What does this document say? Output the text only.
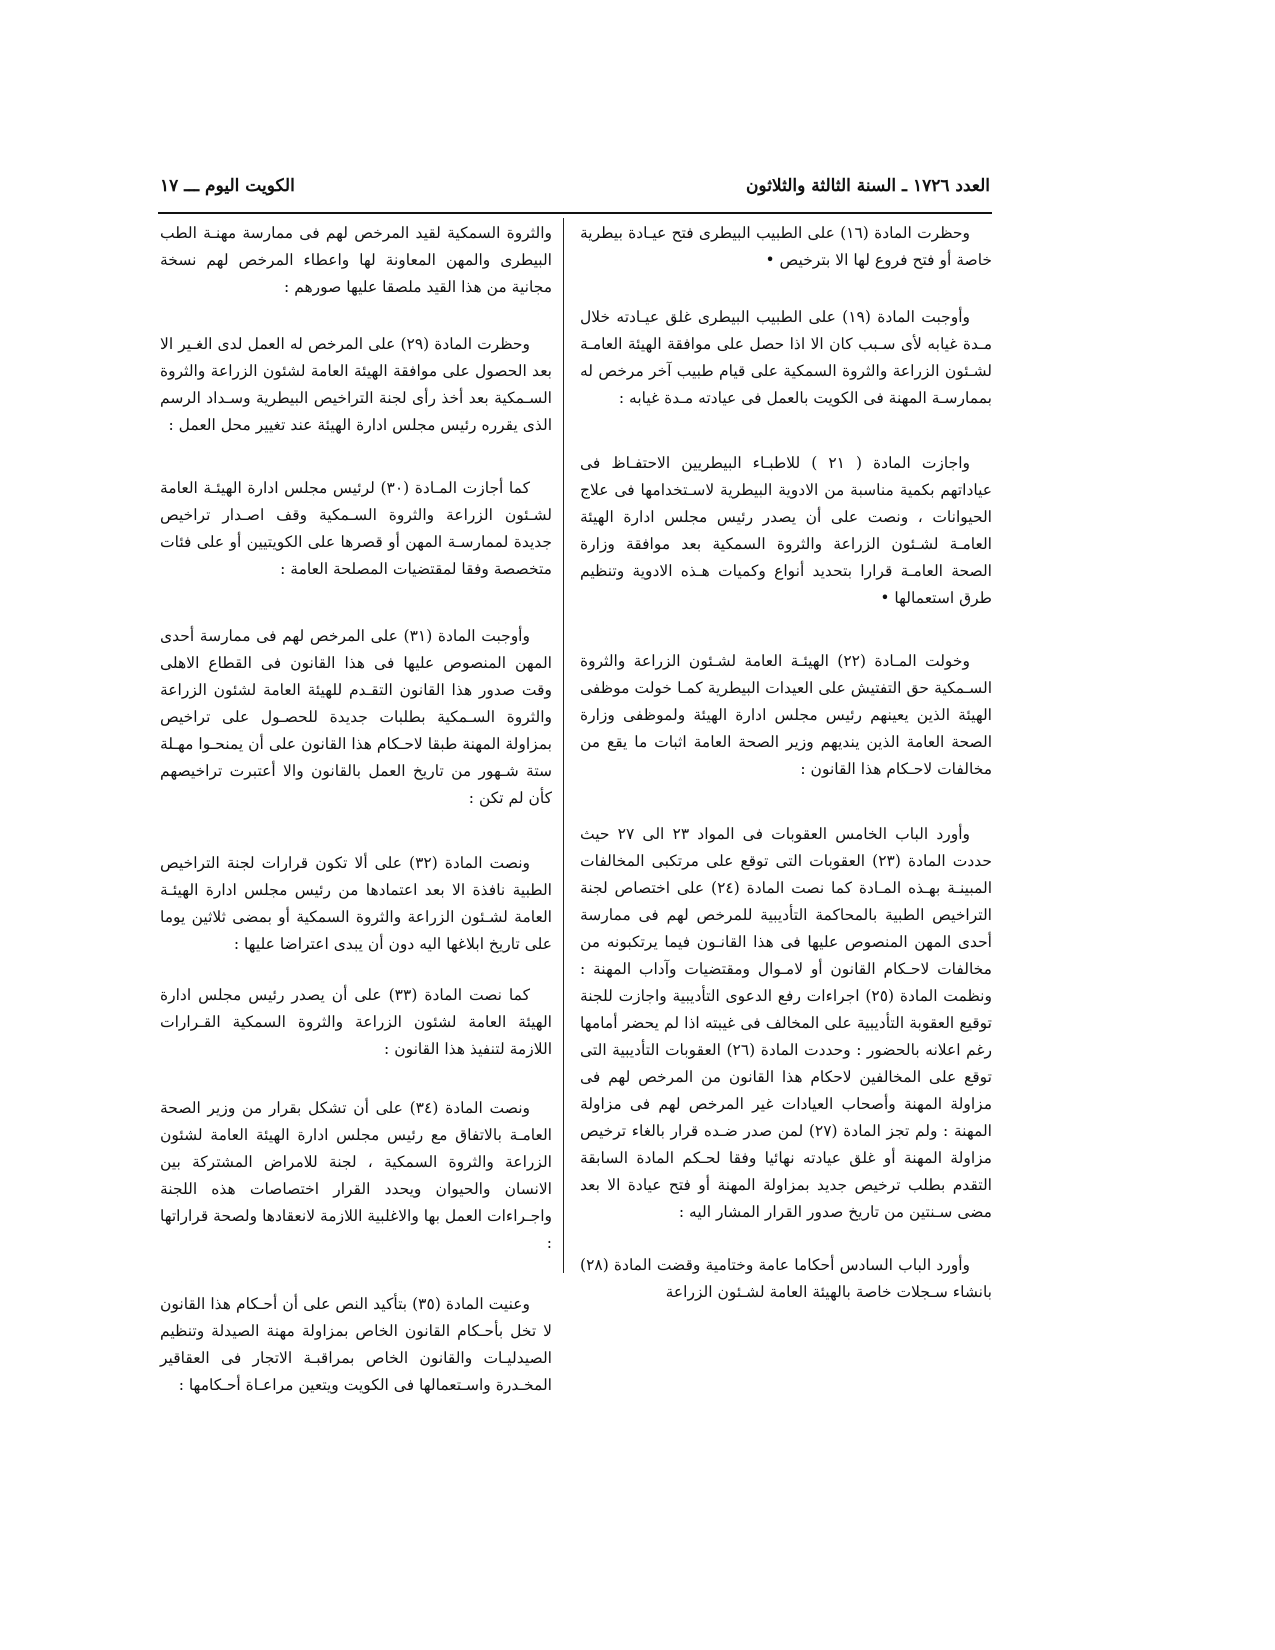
العدد ١٧٢٦ ـ السنة الثالثة والثلاثون
الكويت اليوم ـــ ١٧

وحظرت المادة (١٦) على الطبيب البيطرى فتح عيـادة بيطرية خاصة أو فتح فروع لها الا بترخيص •

وأوجبت المادة (١٩) على الطبيب البيطرى غلق عيـادته خلال مـدة غيابه لأى سـبب كان الا اذا حصل على موافقة الهيئة العامـة لشـئون الزراعة والثروة السمكية على قيام طبيب آخر مرخص له بممارسـة المهنة فى الكويت بالعمل فى عيادته مـدة غيابه :

واجازت المادة ( ٢١ ) للاطبـاء البيطريين الاحتفـاظ فى عياداتهم بكمية مناسبة من الادوية البيطرية لاسـتخدامها فى علاج الحيوانات ، ونصت على أن يصدر رئيس مجلس ادارة الهيئة العامـة لشـئون الزراعة والثروة السمكية بعد موافقة وزارة الصحة العامـة قرارا بتحديد أنواع وكميات هـذه الادوية وتنظيم طرق استعمالها •

وخولت المـادة (٢٢) الهيئـة العامة لشـئون الزراعة والثروة السـمكية حق التفتيش على العيدات البيطرية كمـا خولت موظفى الهيئة الذين يعينهم رئيس مجلس ادارة الهيئة ولموظفى وزارة الصحة العامة الذين ينديهم وزير الصحة العامة اثبات ما يقع من مخالفات لاحـكام هذا القانون :

وأورد الباب الخامس العقوبات فى المواد ٢٣ الى ٢٧ حيث حددت المادة (٢٣) العقوبات التى توقع على مرتكبى المخالفات المبينـة بهـذه المـادة كما نصت المادة (٢٤) على اختصاص لجنة التراخيص الطبية بالمحاكمة التأديبية للمرخص لهم فى ممارسة أحدى المهن المنصوص عليها فى هذا القانـون فيما يرتكبونه من مخالفات لاحـكام القانون أو لامـوال ومقتضيات وآداب المهنة : ونظمت المادة (٢٥) اجراءات رفع الدعوى التأديبية واجازت للجنة توقيع العقوبة التأديبية على المخالف فى غيبته اذا لم يحضر أمامها رغم اعلانه بالحضور : وحددت المادة (٢٦) العقوبات التأديبية التى توقع على المخالفين لاحكام هذا القانون من المرخص لهم فى مزاولة المهنة وأصحاب العيادات غير المرخص لهم فى مزاولة المهنة : ولم تجز المادة (٢٧) لمن صدر ضـده قرار بالغاء ترخيص مزاولة المهنة أو غلق عيادته نهائيا وفقا لحـكم المادة السابقة التقدم بطلب ترخيص جديد بمزاولة المهنة أو فتح عيادة الا بعد مضى سـنتين من تاريخ صدور القرار المشار اليه :

وأورد الباب السادس أحكاما عامة وختامية وقضت المادة (٢٨) بانشاء سـجلات خاصة بالهيئة العامة لشـئون الزراعة

والثروة السمكية لقيد المرخص لهم فى ممارسة مهنـة الطب البيطرى والمهن المعاونة لها واعطاء المرخص لهم نسخة مجانية من هذا القيد ملصقا عليها صورهم :

وحظرت المادة (٢٩) على المرخص له العمل لدى الغـير الا بعد الحصول على موافقة الهيئة العامة لشئون الزراعة والثروة السـمكية بعد أخذ رأى لجنة التراخيص البيطرية وسـداد الرسم الذى يقرره رئيس مجلس ادارة الهيئة عند تغيير محل العمل :

كما أجازت المـادة (٣٠) لرئيس مجلس ادارة الهيئـة العامة لشـئون الزراعة والثروة السـمكية وقف اصـدار تراخيص جديدة لممارسـة المهن أو قصرها على الكويتيين أو على فئات متخصصة وفقا لمقتضيات المصلحة العامة :

وأوجبت المادة (٣١) على المرخص لهم فى ممارسة أحدى المهن المنصوص عليها فى هذا القانون فى القطاع الاهلى وقت صدور هذا القانون التقـدم للهيئة العامة لشئون الزراعة والثروة السـمكية بطلبات جديدة للحصـول على تراخيص بمزاولة المهنة طبقا لاحـكام هذا القانون على أن يمنحـوا مهـلة ستة شـهور من تاريخ العمل بالقانون والا أعتبرت تراخيصهم كأن لم تكن :

ونصت المادة (٣٢) على ألا تكون قرارات لجنة التراخيص الطبية نافذة الا بعد اعتمادها من رئيس مجلس ادارة الهيئـة العامة لشـئون الزراعة والثروة السمكية أو بمضى ثلاثين يوما على تاريخ ابلاغها اليه دون أن يبدى اعتراضا عليها :

كما نصت المادة (٣٣) على أن يصدر رئيس مجلس ادارة الهيئة العامة لشئون الزراعة والثروة السمكية القـرارات اللازمة لتنفيذ هذا القانون :

ونصت المادة (٣٤) على أن تشكل بقرار من وزير الصحة العامـة بالاتفاق مع رئيس مجلس ادارة الهيئة العامة لشئون الزراعة والثروة السمكية ، لجنة للامراض المشتركة بين الانسان والحيوان ويحدد القرار اختصاصات هذه اللجنة واجـراءات العمل بها والاغلبية اللازمة لانعقادها ولصحة قراراتها :

وعنيت المادة (٣٥) بتأكيد النص على أن أحـكام هذا القانون لا تخل بأحـكام القانون الخاص بمزاولة مهنة الصيدلة وتنظيم الصيدليـات والقانون الخاص بمراقبـة الاتجار فى العقاقير المخـدرة واسـتعمالها فى الكويت ويتعين مراعـاة أحـكامها :
